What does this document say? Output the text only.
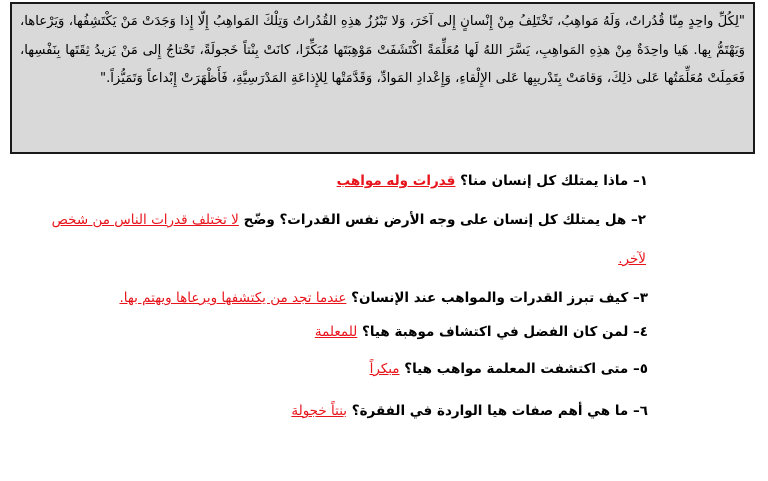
"لِكُلِّ واحِدٍ مِنّا قُدُراتٌ، وَلَهُ مَواهِبُ، تَخْتَلِفُ مِنْ إِنْسانٍ إِلى آخَرَ، وَلا تَبْرُزُ هذِهِ القُدُراتُ وَتِلْكَ المَواهِبُ إِلّا إِذا وَجَدَتْ مَنْ يَكْتَشِفُها، وَيَرْعاها، وَيَهْتَمُّ بِها. هَيا واحِدَةٌ مِنْ هذِهِ المَواهِبِ، يَسَّرَ اللهُ لَها مُعَلِّمَةً اكْتَشَفَتْ مَوْهِبَتَها مُبَكِّرًا، كانَتْ بِنْتاً خَجولَةً، تَحْتاجُ إِلى مَنْ يَزيدُ ثِقَتَها بِنَفْسِها، فَعَمِلَتْ مُعَلِّمَتُها عَلى ذلِكَ، وَقامَتْ بِتَدْريبِها عَلى الإِلْقاءِ، وَإِعْدادِ المَوادِّ، وَقَدَّمَتْها لِلإِذاعَةِ المَدْرَسِيَّةِ، فَأَظْهَرَتْ إِبْداعاً وَتَمَيُّزاً."

١– ماذا يمتلك كل إنسان منا؟ قدرات وله مواهب
٢– هل يمتلك كل إنسان على وجه الأرض نفس القدرات؟ وضّح لا تختلف قدرات الناس من شخص
لآخر.
٣– كيف تبرز القدرات والمواهب عند الإنسان؟ عندما تجد من يكتشفها ويرعاها ويهتم بها.
٤– لمن كان الفضل في اكتشاف موهبة هيا؟ للمعلمة
٥– متى اكتشفت المعلمة مواهب هيا؟ مبكراً
٦– ما هي أهم صفات هيا الواردة في الفقرة؟ بنتاً خجولة
